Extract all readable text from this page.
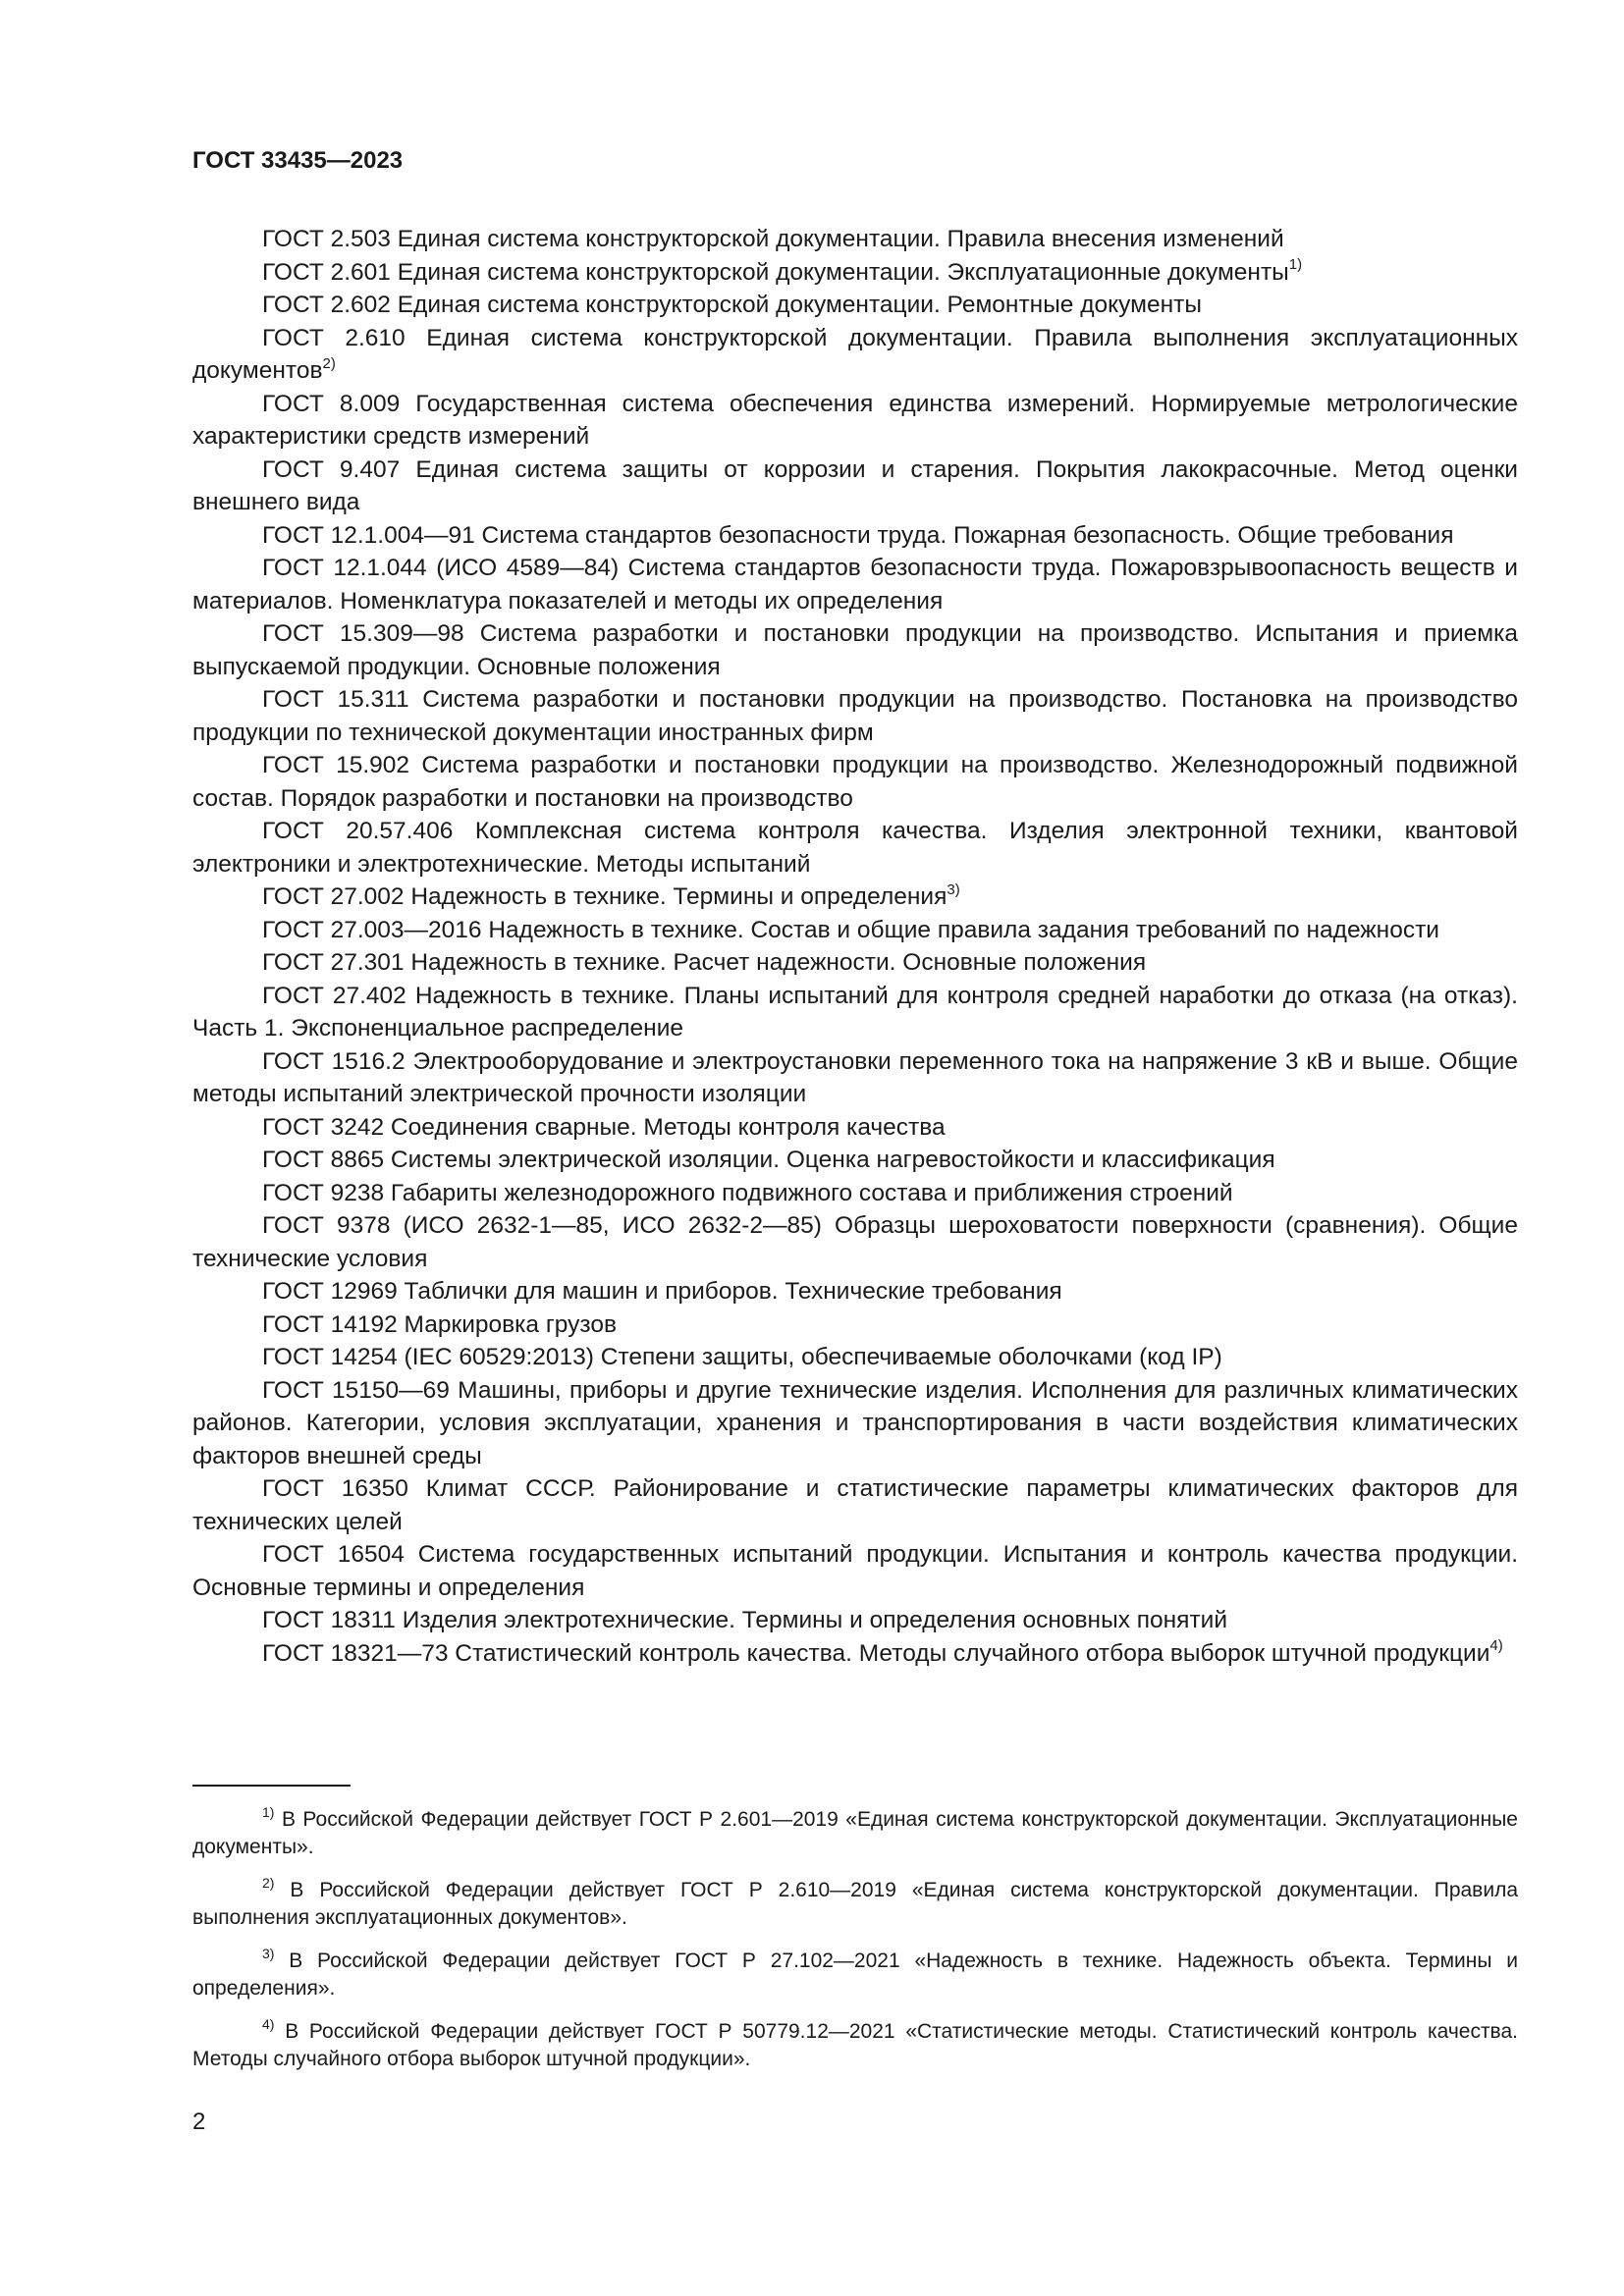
ГОСТ 33435—2023

ГОСТ 2.503 Единая система конструкторской документации. Правила внесения изменений

ГОСТ 2.601 Единая система конструкторской документации. Эксплуатационные документы$^{1)}$

ГОСТ 2.602 Единая система конструкторской документации. Ремонтные документы

ГОСТ 2.610 Единая система конструкторской документации. Правила выполнения эксплуатационных документов$^{2)}$

ГОСТ 8.009 Государственная система обеспечения единства измерений. Нормируемые метрологические характеристики средств измерений

ГОСТ 9.407 Единая система защиты от коррозии и старения. Покрытия лакокрасочные. Метод оценки внешнего вида

ГОСТ 12.1.004—91 Система стандартов безопасности труда. Пожарная безопасность. Общие требования

ГОСТ 12.1.044 (ИСО 4589—84) Система стандартов безопасности труда. Пожаровзрывоопасность веществ и материалов. Номенклатура показателей и методы их определения

ГОСТ 15.309—98 Система разработки и постановки продукции на производство. Испытания и приемка выпускаемой продукции. Основные положения

ГОСТ 15.311 Система разработки и постановки продукции на производство. Постановка на производство продукции по технической документации иностранных фирм

ГОСТ 15.902 Система разработки и постановки продукции на производство. Железнодорожный подвижной состав. Порядок разработки и постановки на производство

ГОСТ 20.57.406 Комплексная система контроля качества. Изделия электронной техники, квантовой электроники и электротехнические. Методы испытаний

ГОСТ 27.002 Надежность в технике. Термины и определения$^{3)}$

ГОСТ 27.003—2016 Надежность в технике. Состав и общие правила задания требований по надежности

ГОСТ 27.301 Надежность в технике. Расчет надежности. Основные положения

ГОСТ 27.402 Надежность в технике. Планы испытаний для контроля средней наработки до отказа (на отказ). Часть 1. Экспоненциальное распределение

ГОСТ 1516.2 Электрооборудование и электроустановки переменного тока на напряжение 3 кВ и выше. Общие методы испытаний электрической прочности изоляции

ГОСТ 3242 Соединения сварные. Методы контроля качества

ГОСТ 8865 Системы электрической изоляции. Оценка нагревостойкости и классификация

ГОСТ 9238 Габариты железнодорожного подвижного состава и приближения строений

ГОСТ 9378 (ИСО 2632-1—85, ИСО 2632-2—85) Образцы шероховатости поверхности (сравнения). Общие технические условия

ГОСТ 12969 Таблички для машин и приборов. Технические требования

ГОСТ 14192 Маркировка грузов

ГОСТ 14254 (IEC 60529:2013) Степени защиты, обеспечиваемые оболочками (код IP)

ГОСТ 15150—69 Машины, приборы и другие технические изделия. Исполнения для различных климатических районов. Категории, условия эксплуатации, хранения и транспортирования в части воздействия климатических факторов внешней среды

ГОСТ 16350 Климат СССР. Районирование и статистические параметры климатических факторов для технических целей

ГОСТ 16504 Система государственных испытаний продукции. Испытания и контроль качества продукции. Основные термины и определения

ГОСТ 18311 Изделия электротехнические. Термины и определения основных понятий

ГОСТ 18321—73 Статистический контроль качества. Методы случайного отбора выборок штучной продукции$^{4)}$

$^{1)}$ В Российской Федерации действует ГОСТ Р 2.601—2019 «Единая система конструкторской документации. Эксплуатационные документы».

$^{2)}$ В Российской Федерации действует ГОСТ Р 2.610—2019 «Единая система конструкторской документации. Правила выполнения эксплуатационных документов».

$^{3)}$ В Российской Федерации действует ГОСТ Р 27.102—2021 «Надежность в технике. Надежность объекта. Термины и определения».

$^{4)}$ В Российской Федерации действует ГОСТ Р 50779.12—2021 «Статистические методы. Статистический контроль качества. Методы случайного отбора выборок штучной продукции».

2
